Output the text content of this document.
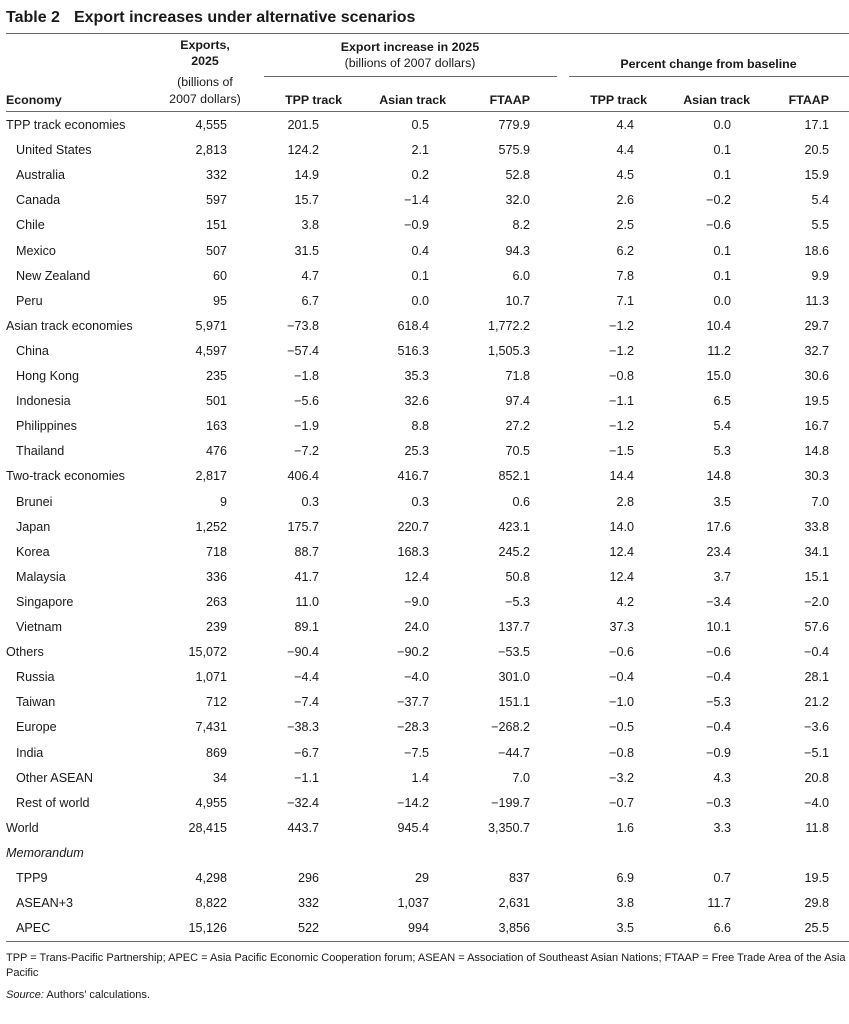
Table 2 Export increases under alternative scenarios
Exports,
2025
(billions of
2007 dollars)
Export increase in 2025
(billions of 2007 dollars)	Percent change from baseline
Economy	TPP track	Asian track	FTAAP	TPP track	Asian track	FTAAP
TPP track economies	4,555	201.5	0.5	779.9	4.4	0.0	17.1
United States	2,813	124.2	2.1	575.9	4.4	0.1	20.5
Australia	332	14.9	0.2	52.8	4.5	0.1	15.9
Canada	597	15.7	−1.4	32.0	2.6	−0.2	5.4
Chile	151	3.8	−0.9	8.2	2.5	−0.6	5.5
Mexico	507	31.5	0.4	94.3	6.2	0.1	18.6
New Zealand	60	4.7	0.1	6.0	7.8	0.1	9.9
Peru	95	6.7	0.0	10.7	7.1	0.0	11.3
Asian track economies	5,971	−73.8	618.4	1,772.2	−1.2	10.4	29.7
China	4,597	−57.4	516.3	1,505.3	−1.2	11.2	32.7
Hong Kong	235	−1.8	35.3	71.8	−0.8	15.0	30.6
Indonesia	501	−5.6	32.6	97.4	−1.1	6.5	19.5
Philippines	163	−1.9	8.8	27.2	−1.2	5.4	16.7
Thailand	476	−7.2	25.3	70.5	−1.5	5.3	14.8
Two-track economies	2,817	406.4	416.7	852.1	14.4	14.8	30.3
Brunei	9	0.3	0.3	0.6	2.8	3.5	7.0
Japan	1,252	175.7	220.7	423.1	14.0	17.6	33.8
Korea	718	88.7	168.3	245.2	12.4	23.4	34.1
Malaysia	336	41.7	12.4	50.8	12.4	3.7	15.1
Singapore	263	11.0	−9.0	−5.3	4.2	−3.4	−2.0
Vietnam	239	89.1	24.0	137.7	37.3	10.1	57.6
Others	15,072	−90.4	−90.2	−53.5	−0.6	−0.6	−0.4
Russia	1,071	−4.4	−4.0	301.0	−0.4	−0.4	28.1
Taiwan	712	−7.4	−37.7	151.1	−1.0	−5.3	21.2
Europe	7,431	−38.3	−28.3	−268.2	−0.5	−0.4	−3.6
India	869	−6.7	−7.5	−44.7	−0.8	−0.9	−5.1
Other ASEAN	34	−1.1	1.4	7.0	−3.2	4.3	20.8
Rest of world	4,955	−32.4	−14.2	−199.7	−0.7	−0.3	−4.0
World	28,415	443.7	945.4	3,350.7	1.6	3.3	11.8
Memorandum
TPP9	4,298	296	29	837	6.9	0.7	19.5
ASEAN+3	8,822	332	1,037	2,631	3.8	11.7	29.8
APEC	15,126	522	994	3,856	3.5	6.6	25.5
TPP = Trans-Pacific Partnership; APEC = Asia Pacific Economic Cooperation forum; ASEAN = Association of Southeast Asian Nations; FTAAP = Free Trade Area of the Asia Pacific
Source: Authors’ calculations.
